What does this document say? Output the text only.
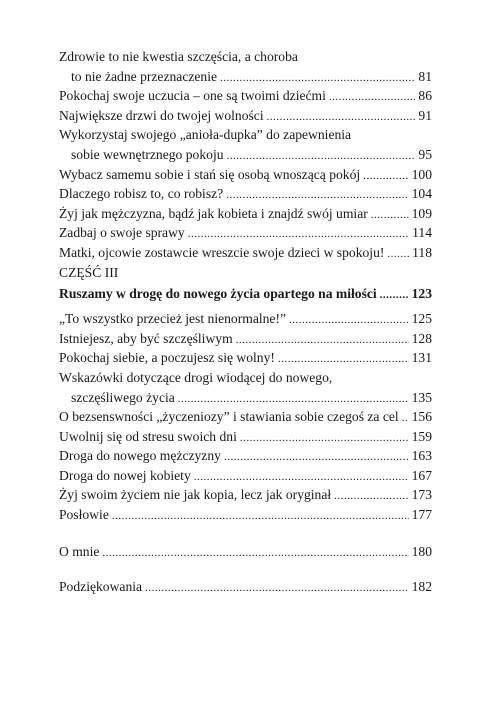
Zdrowie to nie kwestia szczęścia, a choroba
to nie żadne przeznaczenie .....	81
Pokochaj swoje uczucia – one są twoimi dziećmi .....	86
Największe drzwi do twojej wolności .....	91
Wykorzystaj swojego „anioła-dupka” do zapewnienia
sobie wewnętrznego pokoju .....	95
Wybacz samemu sobie i stań się osobą wnoszącą pokój .....	100
Dlaczego robisz to, co robisz? .....	104
Żyj jak mężczyzna, bądź jak kobieta i znajdź swój umiar .....	109
Zadbaj o swoje sprawy .....	114
Matki, ojcowie zostawcie wreszcie swoje dzieci w spokoju! ..... 118
CZĘŚĆ III
Ruszamy w drogę do nowego życia opartego na miłości .....	123
„To wszystko przecież jest nienormalne!” .....	125
Istniejesz, aby być szczęśliwym .....	128
Pokochaj siebie, a poczujesz się wolny! .....	131
Wskazówki dotyczące drogi wiodącej do nowego,
szczęśliwego życia .....	135
O bezsenswności „życzeniozy” i stawiania sobie czegoś za cel ..... 156
Uwolnij się od stresu swoich dni .....	159
Droga do nowego mężczyzny .....	163
Droga do nowej kobiety .....	167
Żyj swoim życiem nie jak kopia, lecz jak oryginał .....	173
Posłowie .....	177
O mnie .....	180
Podziękowania .....	182
